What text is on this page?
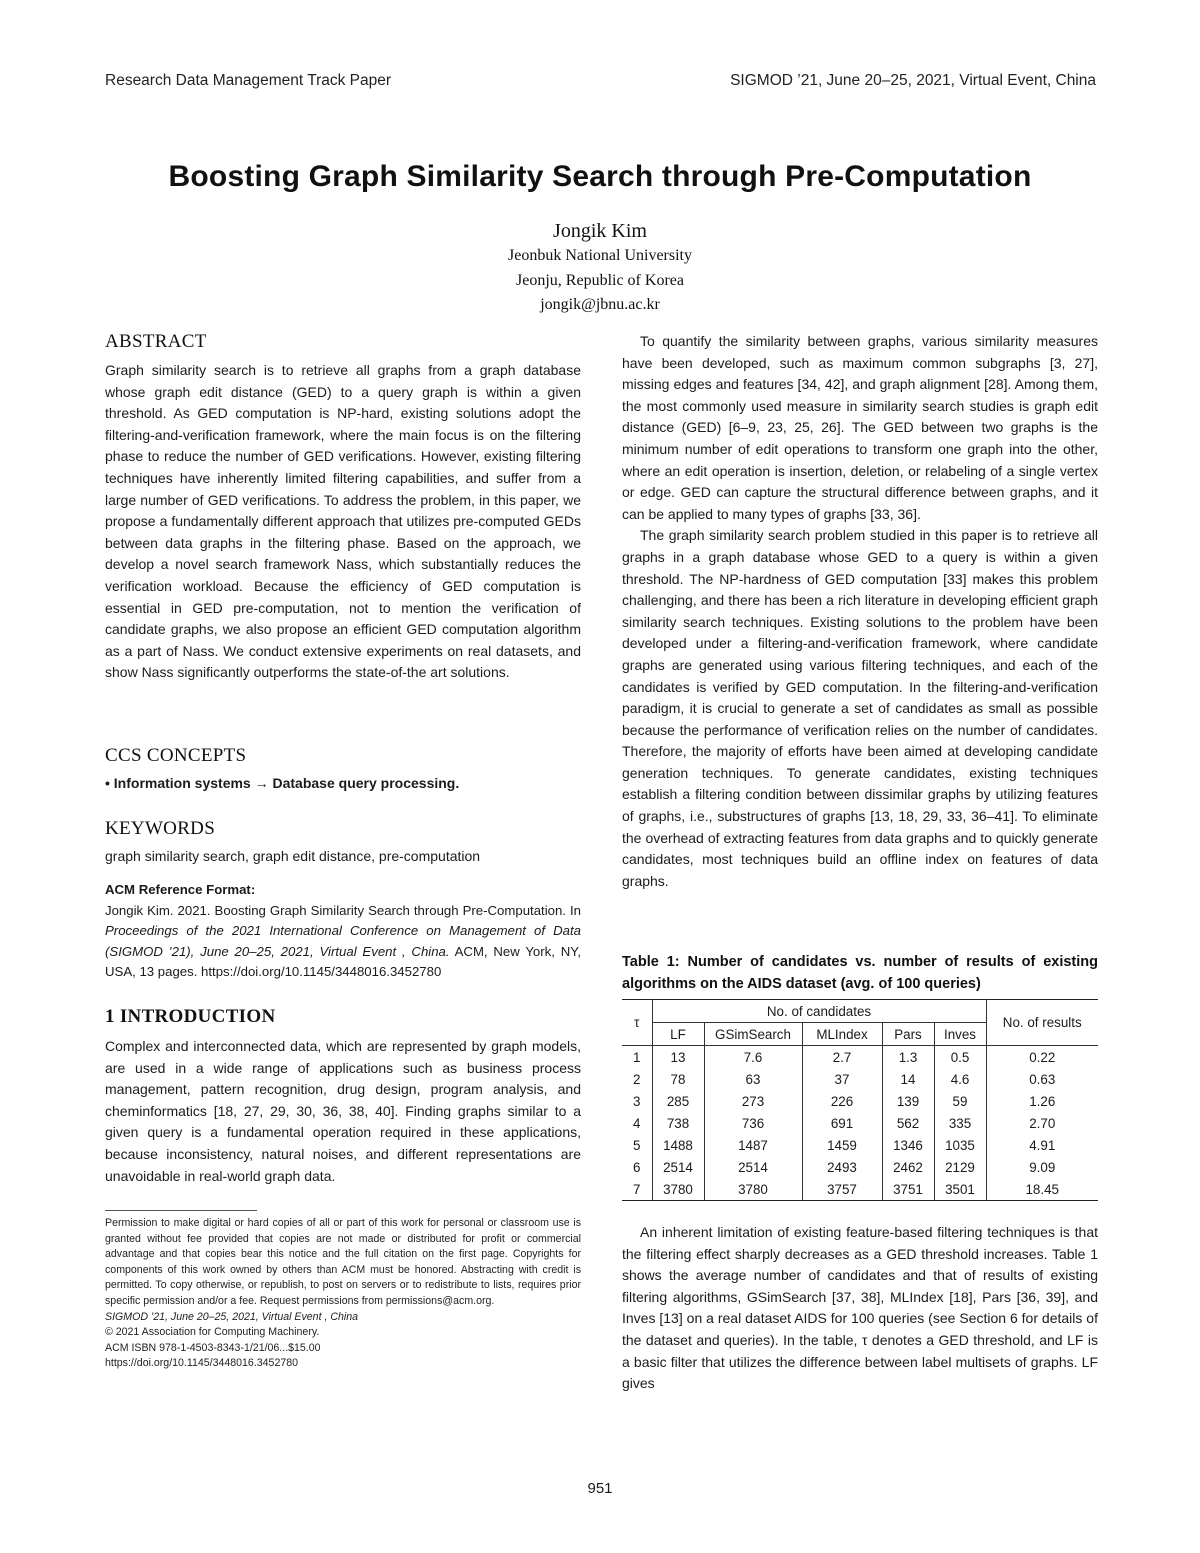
Research Data Management Track Paper	SIGMOD ’21, June 20–25, 2021, Virtual Event, China
Boosting Graph Similarity Search through Pre-Computation
Jongik Kim
Jeonbuk National University
Jeonju, Republic of Korea
jongik@jbnu.ac.kr
ABSTRACT

Graph similarity search is to retrieve all graphs from a graph database whose graph edit distance (GED) to a query graph is within a given threshold. As GED computation is NP-hard, existing solutions adopt the filtering-and-verification framework, where the main focus is on the filtering phase to reduce the number of GED verifications. However, existing filtering techniques have inherently limited filtering capabilities, and suffer from a large number of GED verifications. To address the problem, in this paper, we propose a fundamentally different approach that utilizes pre-computed GEDs between data graphs in the filtering phase. Based on the approach, we develop a novel search framework Nass, which substantially reduces the verification workload. Because the efficiency of GED computation is essential in GED pre-computation, not to mention the verification of candidate graphs, we also propose an efficient GED computation algorithm as a part of Nass. We conduct extensive experiments on real datasets, and show Nass significantly outperforms the state-of-the art solutions.

CCS CONCEPTS

• Information systems → Database query processing.

KEYWORDS

graph similarity search, graph edit distance, pre-computation

ACM Reference Format:

Jongik Kim. 2021. Boosting Graph Similarity Search through Pre-Computation. In Proceedings of the 2021 International Conference on Management of Data (SIGMOD ’21), June 20–25, 2021, Virtual Event , China. ACM, New York, NY, USA, 13 pages. https://doi.org/10.1145/3448016.3452780

1 INTRODUCTION

Complex and interconnected data, which are represented by graph models, are used in a wide range of applications such as business process management, pattern recognition, drug design, program analysis, and cheminformatics [18, 27, 29, 30, 36, 38, 40]. Finding graphs similar to a given query is a fundamental operation required in these applications, because inconsistency, natural noises, and different representations are unavoidable in real-world graph data.

Permission to make digital or hard copies of all or part of this work for personal or classroom use is granted without fee provided that copies are not made or distributed for profit or commercial advantage and that copies bear this notice and the full citation on the first page. Copyrights for components of this work owned by others than ACM must be honored. Abstracting with credit is permitted. To copy otherwise, or republish, to post on servers or to redistribute to lists, requires prior specific permission and/or a fee. Request permissions from permissions@acm.org.

SIGMOD ’21, June 20–25, 2021, Virtual Event , China

© 2021 Association for Computing Machinery.

ACM ISBN 978-1-4503-8343-1/21/06...$15.00

https://doi.org/10.1145/3448016.3452780

To quantify the similarity between graphs, various similarity measures have been developed, such as maximum common subgraphs [3, 27], missing edges and features [34, 42], and graph alignment [28]. Among them, the most commonly used measure in similarity search studies is graph edit distance (GED) [6–9, 23, 25, 26]. The GED between two graphs is the minimum number of edit operations to transform one graph into the other, where an edit operation is insertion, deletion, or relabeling of a single vertex or edge. GED can capture the structural difference between graphs, and it can be applied to many types of graphs [33, 36].

The graph similarity search problem studied in this paper is to retrieve all graphs in a graph database whose GED to a query is within a given threshold. The NP-hardness of GED computation [33] makes this problem challenging, and there has been a rich literature in developing efficient graph similarity search techniques. Existing solutions to the problem have been developed under a filtering-and-verification framework, where candidate graphs are generated using various filtering techniques, and each of the candidates is verified by GED computation. In the filtering-and-verification paradigm, it is crucial to generate a set of candidates as small as possible because the performance of verification relies on the number of candidates. Therefore, the majority of efforts have been aimed at developing candidate generation techniques. To generate candidates, existing techniques establish a filtering condition between dissimilar graphs by utilizing features of graphs, i.e., substructures of graphs [13, 18, 29, 33, 36–41]. To eliminate the overhead of extracting features from data graphs and to quickly generate candidates, most techniques build an offline index on features of data graphs.

Table 1: Number of candidates vs. number of results of existing algorithms on the AIDS dataset (avg. of 100 queries)
τ	No. of candidates					No. of results
	LF	GSimSearch	MLIndex	Pars	Inves	
1	13	7.6	2.7	1.3	0.5	0.22
2	78	63	37	14	4.6	0.63
3	285	273	226	139	59	1.26
4	738	736	691	562	335	2.70
5	1488	1487	1459	1346	1035	4.91
6	2514	2514	2493	2462	2129	9.09
7	3780	3780	3757	3751	3501	18.45

An inherent limitation of existing feature-based filtering techniques is that the filtering effect sharply decreases as a GED threshold increases. Table 1 shows the average number of candidates and that of results of existing filtering algorithms, GSimSearch [37, 38], MLIndex [18], Pars [36, 39], and Inves [13] on a real dataset AIDS for 100 queries (see Section 6 for details of the dataset and queries). In the table, τ denotes a GED threshold, and LF is a basic filter that utilizes the difference between label multisets of graphs. LF gives

951
